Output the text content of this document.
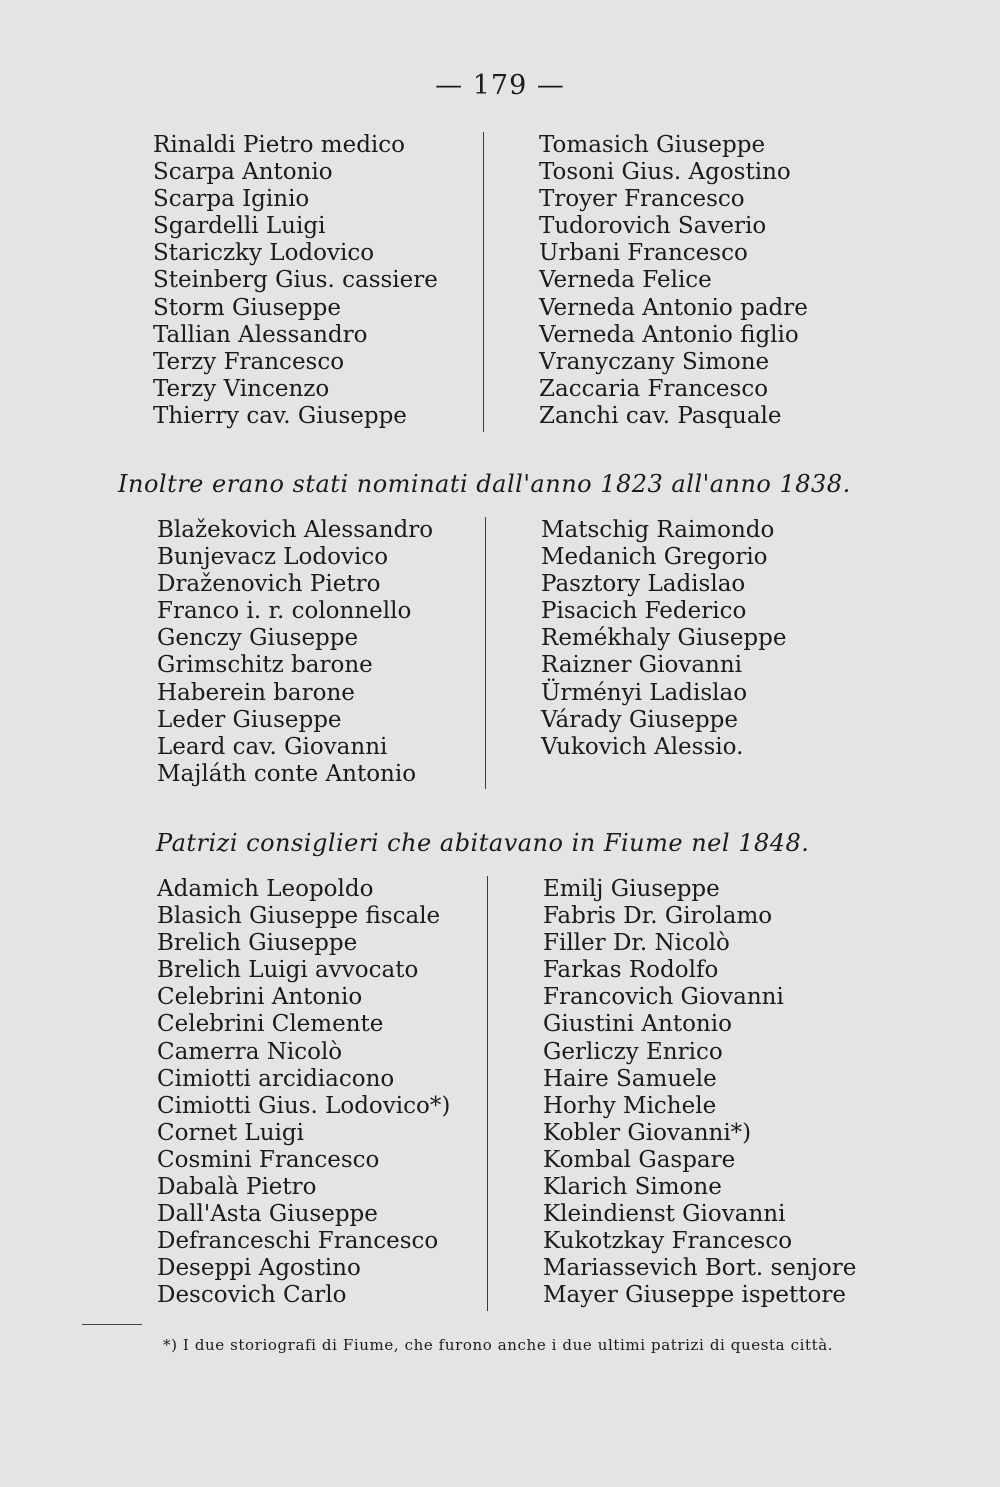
— 179 —
Rinaldi Pietro medico
Scarpa Antonio
Scarpa Iginio
Sgardelli Luigi
Stariczky Lodovico
Steinberg Gius. cassiere
Storm Giuseppe
Tallian Alessandro
Terzy Francesco
Terzy Vincenzo
Thierry cav. Giuseppe
Tomasich Giuseppe
Tosoni Gius. Agostino
Troyer Francesco
Tudorovich Saverio
Urbani Francesco
Verneda Felice
Verneda Antonio padre
Verneda Antonio figlio
Vranyczany Simone
Zaccaria Francesco
Zanchi cav. Pasquale
Inoltre erano stati nominati dall'anno 1823 all'anno 1838.
Blažekovich Alessandro
Bunjevacz Lodovico
Draženovich Pietro
Franco i. r. colonnello
Genczy Giuseppe
Grimschitz barone
Haberein barone
Leder Giuseppe
Leard cav. Giovanni
Majláth conte Antonio
Matschig Raimondo
Medanich Gregorio
Pasztory Ladislao
Pisacich Federico
Remékhaly Giuseppe
Raizner Giovanni
Ürményi Ladislao
Várady Giuseppe
Vukovich Alessio.
Patrizi consiglieri che abitavano in Fiume nel 1848.
Adamich Leopoldo
Blasich Giuseppe fiscale
Brelich Giuseppe
Brelich Luigi avvocato
Celebrini Antonio
Celebrini Clemente
Camerra Nicolò
Cimiotti arcidiacono
Cimiotti Gius. Lodovico*)
Cornet Luigi
Cosmini Francesco
Dabalà Pietro
Dall'Asta Giuseppe
Defranceschi Francesco
Deseppi Agostino
Descovich Carlo
Emilj Giuseppe
Fabris Dr. Girolamo
Filler Dr. Nicolò
Farkas Rodolfo
Francovich Giovanni
Giustini Antonio
Gerliczy Enrico
Haire Samuele
Horhy Michele
Kobler Giovanni*)
Kombal Gaspare
Klarich Simone
Kleindienst Giovanni
Kukotzkay Francesco
Mariassevich Bort. senjore
Mayer Giuseppe ispettore
*) I due storiografi di Fiume, che furono anche i due ultimi patrizi di questa città.
